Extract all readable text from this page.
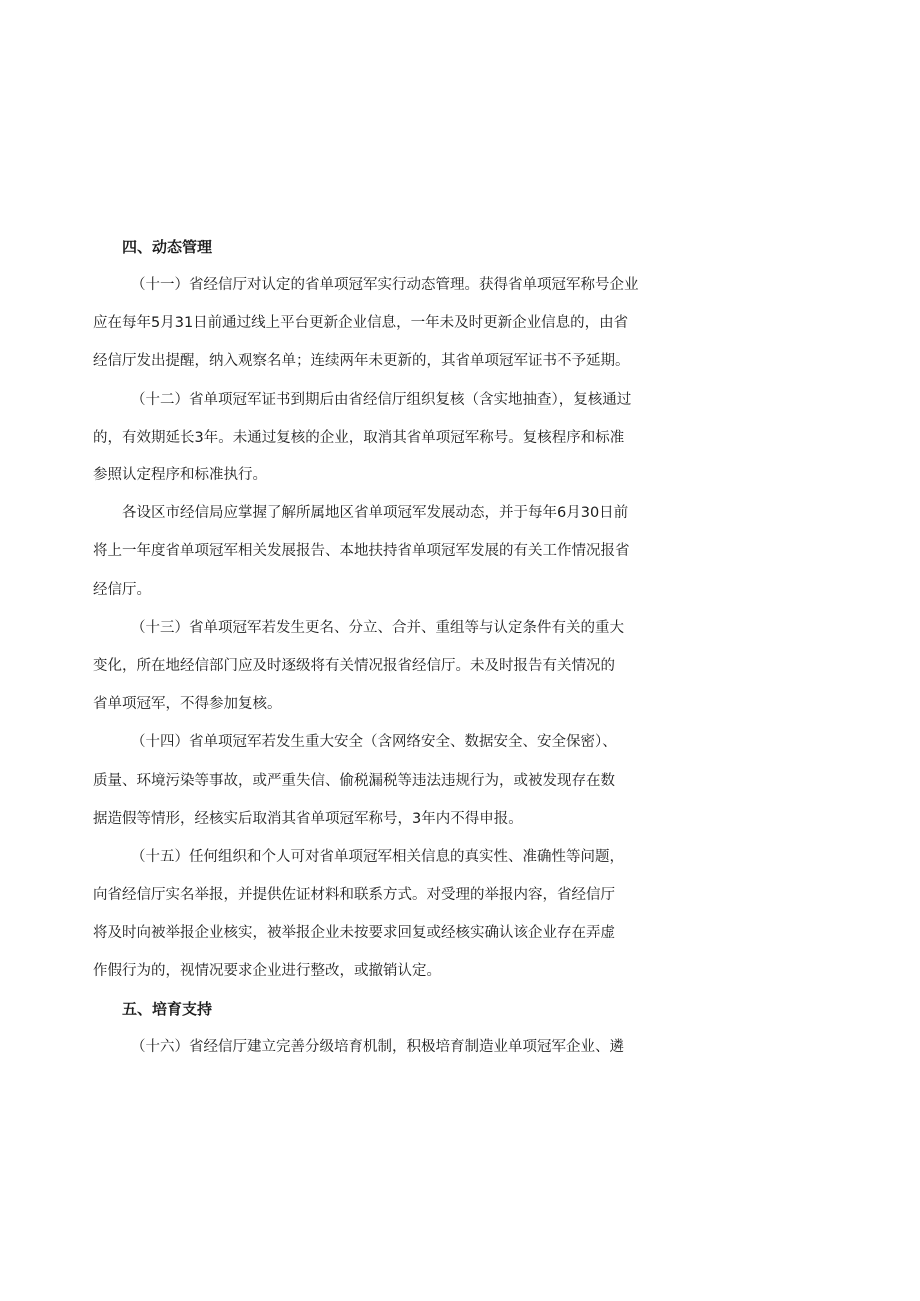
四、动态管理
（十一）省经信厅对认定的省单项冠军实行动态管理。获得省单项冠军称号企业
应在每年5月31日前通过线上平台更新企业信息，一年未及时更新企业信息的，由省
经信厅发出提醒，纳入观察名单；连续两年未更新的，其省单项冠军证书不予延期。
（十二）省单项冠军证书到期后由省经信厅组织复核（含实地抽查），复核通过
的，有效期延长3年。未通过复核的企业，取消其省单项冠军称号。复核程序和标准
参照认定程序和标准执行。
各设区市经信局应掌握了解所属地区省单项冠军发展动态，并于每年6月30日前
将上一年度省单项冠军相关发展报告、本地扶持省单项冠军发展的有关工作情况报省
经信厅。
（十三）省单项冠军若发生更名、分立、合并、重组等与认定条件有关的重大
变化，所在地经信部门应及时逐级将有关情况报省经信厅。未及时报告有关情况的
省单项冠军，不得参加复核。
（十四）省单项冠军若发生重大安全（含网络安全、数据安全、安全保密）、
质量、环境污染等事故，或严重失信、偷税漏税等违法违规行为，或被发现存在数
据造假等情形，经核实后取消其省单项冠军称号，3年内不得申报。
（十五）任何组织和个人可对省单项冠军相关信息的真实性、准确性等问题，
向省经信厅实名举报，并提供佐证材料和联系方式。对受理的举报内容，省经信厅
将及时向被举报企业核实，被举报企业未按要求回复或经核实确认该企业存在弄虚
作假行为的，视情况要求企业进行整改，或撤销认定。
五、培育支持
（十六）省经信厅建立完善分级培育机制，积极培育制造业单项冠军企业、遴
